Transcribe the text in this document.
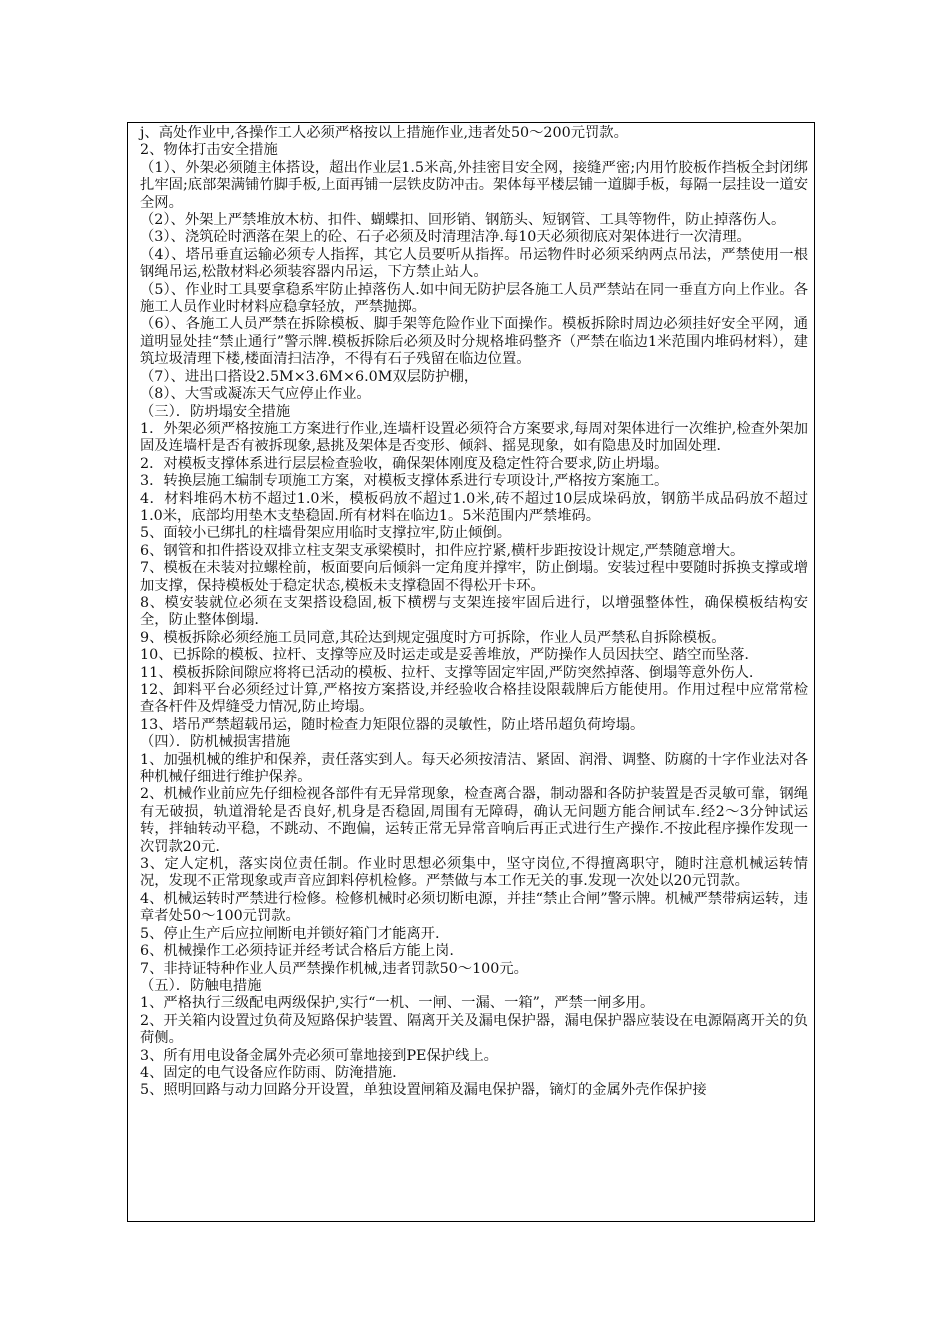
j、高处作业中,各操作工人必须严格按以上措施作业,违者处50～200元罚款。

2、物体打击安全措施

（1）、外架必须随主体搭设，超出作业层1.5米高,外挂密目安全网，接缝严密;内用竹胶板作挡板全封闭绑扎牢固;底部架满铺竹脚手板,上面再铺一层铁皮防冲击。架体每平楼层铺一道脚手板，每隔一层挂设一道安全网。

（2）、外架上严禁堆放木枋、扣件、蝴蝶扣、回形销、钢筋头、短钢管、工具等物件，防止掉落伤人。

（3）、浇筑砼时洒落在架上的砼、石子必须及时清理洁净.每10天必须彻底对架体进行一次清理。

（4）、塔吊垂直运输必须专人指挥，其它人员要听从指挥。吊运物件时必须采纳两点吊法，严禁使用一根钢绳吊运,松散材料必须装容器内吊运，下方禁止站人。

（5）、作业时工具要拿稳系牢防止掉落伤人.如中间无防护层各施工人员严禁站在同一垂直方向上作业。各施工人员作业时材料应稳拿轻放，严禁抛掷。

（6）、各施工人员严禁在拆除模板、脚手架等危险作业下面操作。模板拆除时周边必须挂好安全平网，通道明显处挂“禁止通行”警示牌.模板拆除后必须及时分规格堆码整齐（严禁在临边1米范围内堆码材料），建筑垃圾清理下楼,楼面清扫洁净，不得有石子残留在临边位置。

（7）、进出口搭设2.5M×3.6M×6.0M双层防护棚，

（8）、大雪或凝冻天气应停止作业。

（三）．防坍塌安全措施

1．外架必须严格按施工方案进行作业,连墙杆设置必须符合方案要求,每周对架体进行一次维护,检查外架加固及连墙杆是否有被拆现象,悬挑及架体是否变形、倾斜、摇晃现象，如有隐患及时加固处理.

2．对模板支撑体系进行层层检查验收，确保架体刚度及稳定性符合要求,防止坍塌。

3．转换层施工编制专项施工方案，对模板支撑体系进行专项设计,严格按方案施工。

4．材料堆码木枋不超过1.0米，模板码放不超过1.0米,砖不超过10层成垛码放，钢筋半成品码放不超过1.0米，底部均用垫木支垫稳固.所有材料在临边1。5米范围内严禁堆码。

5、面较小已绑扎的柱墙骨架应用临时支撑拉牢,防止倾倒。

6、钢管和扣件搭设双排立柱支架支承梁模时，扣件应拧紧,横杆步距按设计规定,严禁随意增大。

7、模板在未装对拉螺栓前，板面要向后倾斜一定角度并撑牢，防止倒塌。安装过程中要随时拆换支撑或增加支撑，保持模板处于稳定状态,模板未支撑稳固不得松开卡环。

8、模安装就位必须在支架搭设稳固,板下横楞与支架连接牢固后进行，以增强整体性，确保模板结构安全，防止整体倒塌.

9、模板拆除必须经施工员同意,其砼达到规定强度时方可拆除，作业人员严禁私自拆除模板。

10、已拆除的模板、拉杆、支撑等应及时运走或是妥善堆放，严防操作人员因扶空、踏空而坠落.

11、模板拆除间隙应将将已活动的模板、拉杆、支撑等固定牢固,严防突然掉落、倒塌等意外伤人.

12、卸料平台必须经过计算,严格按方案搭设,并经验收合格挂设限载牌后方能使用。作用过程中应常常检查各杆件及焊缝受力情况,防止垮塌。

13、塔吊严禁超载吊运，随时检查力矩限位器的灵敏性，防止塔吊超负荷垮塌。

（四）．防机械损害措施

1、加强机械的维护和保养，责任落实到人。每天必须按清洁、紧固、润滑、调整、防腐的十字作业法对各种机械仔细进行维护保养。

2、机械作业前应先仔细检视各部件有无异常现象，检查离合器，制动器和各防护装置是否灵敏可靠，钢绳有无破损，轨道滑轮是否良好,机身是否稳固,周围有无障碍，确认无问题方能合闸试车.经2～3分钟试运转，拌轴转动平稳，不跳动、不跑偏，运转正常无异常音响后再正式进行生产操作.不按此程序操作发现一次罚款20元.

3、定人定机，落实岗位责任制。作业时思想必须集中，坚守岗位,不得擅离职守，随时注意机械运转情况，发现不正常现象或声音应卸料停机检修。严禁做与本工作无关的事.发现一次处以20元罚款。

4、机械运转时严禁进行检修。检修机械时必须切断电源，并挂“禁止合闸”警示牌。机械严禁带病运转，违章者处50～100元罚款。

5、停止生产后应拉闸断电并锁好箱门才能离开.

6、机械操作工必须持证并经考试合格后方能上岗.

7、非持证特种作业人员严禁操作机械,违者罚款50～100元。

（五）．防触电措施

1、严格执行三级配电两级保护,实行“一机、一闸、一漏、一箱”，严禁一闸多用。

2、开关箱内设置过负荷及短路保护装置、隔离开关及漏电保护器，漏电保护器应装设在电源隔离开关的负荷侧。

3、所有用电设备金属外壳必须可靠地接到PE保护线上。

4、固定的电气设备应作防雨、防淹措施.

5、照明回路与动力回路分开设置，单独设置闸箱及漏电保护器，镝灯的金属外壳作保护接
